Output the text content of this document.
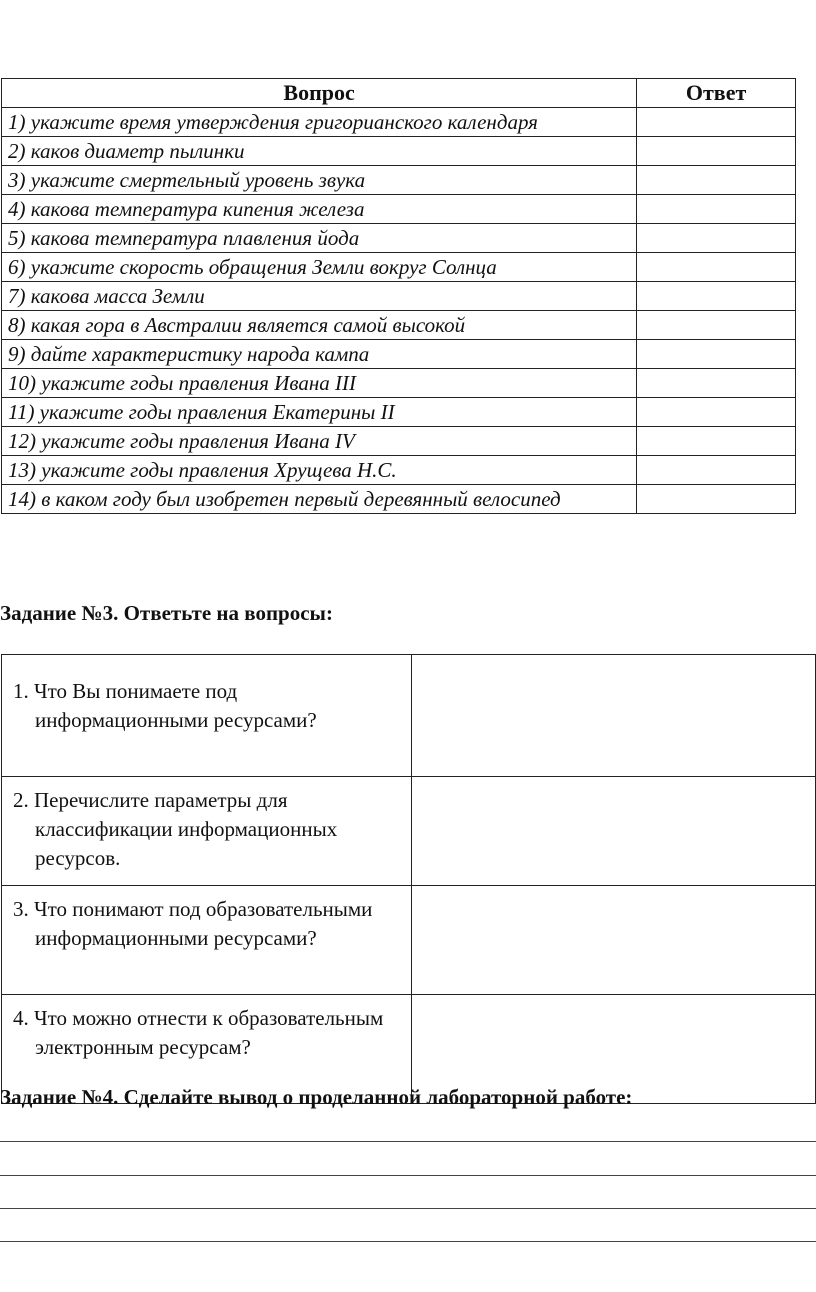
Вопрос	Ответ
1) укажите время утверждения григорианского календаря	
2) каков диаметр пылинки	
3) укажите смертельный уровень звука	
4) какова температура кипения железа	
5) какова температура плавления йода	
6) укажите скорость обращения Земли вокруг Солнца	
7) какова масса Земли	
8) какая гора в Австралии является самой высокой	
9) дайте характеристику народа кампа	
10) укажите годы правления Ивана III	
11) укажите годы правления Екатерины II	
12) укажите годы правления Ивана IV	
13) укажите годы правления Хрущева Н.С.	
14) в каком году был изобретен первый деревянный велосипед	
Задание №3. Ответьте на вопросы:
1. Что Вы понимаете под информационными ресурсами?	
2. Перечислите параметры для классификации информационных ресурсов.	
3. Что понимают под образовательными информационными ресурсами?	
4. Что можно отнести к образовательным электронным ресурсам?	
Задание №4. Сделайте вывод о проделанной лабораторной работе:
